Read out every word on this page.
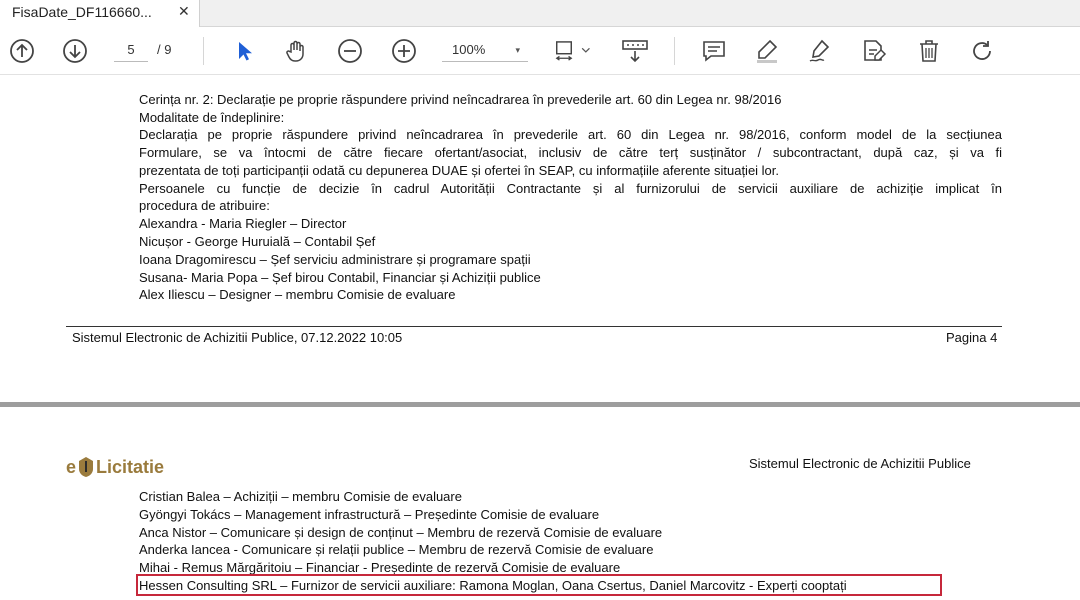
FisaDate_DF116660... ✕
5	/ 9	100%	▾
Cerința nr. 2: Declarație pe proprie răspundere privind neîncadrarea în prevederile art. 60 din Legea nr. 98/2016
Modalitate de îndeplinire:
Declarația pe proprie răspundere privind neîncadrarea în prevederile art. 60 din Legea nr. 98/2016, conform model de la secțiunea
Formulare, se va întocmi de către fiecare ofertant/asociat, inclusiv de către terț susținător / subcontractant, după caz, și va fi
prezentata de toți participanții odată cu depunerea DUAE și ofertei în SEAP, cu informațiile aferente situației lor.
Persoanele cu funcție de decizie în cadrul Autorității Contractante și al furnizorului de servicii auxiliare de achiziție implicat în
procedura de atribuire:
Alexandra - Maria Riegler – Director
Nicușor - George Huruială – Contabil Șef
Ioana Dragomirescu – Șef serviciu administrare și programare spații
Susana- Maria Popa – Șef birou Contabil, Financiar și Achiziții publice
Alex Iliescu – Designer – membru Comisie de evaluare
Sistemul Electronic de Achizitii Publice, 07.12.2022 10:05	Pagina 4
e Licitatie	Sistemul Electronic de Achizitii Publice
Cristian Balea – Achiziții – membru Comisie de evaluare
Gyöngyi Tokács – Management infrastructură – Președinte Comisie de evaluare
Anca Nistor – Comunicare și design de conținut – Membru de rezervă Comisie de evaluare
Anderka Iancea - Comunicare și relații publice – Membru de rezervă Comisie de evaluare
Mihai - Remus Mărgăritoiu – Financiar - Președinte de rezervă Comisie de evaluare
Hessen Consulting SRL – Furnizor de servicii auxiliare: Ramona Moglan, Oana Csertus, Daniel Marcovitz - Experți cooptați
